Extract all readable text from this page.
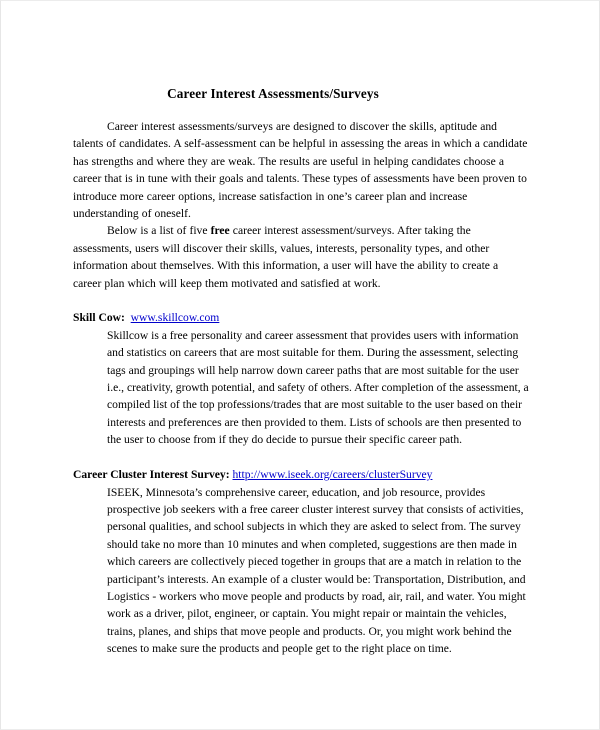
Career Interest Assessments/Surveys

Career interest assessments/surveys are designed to discover the skills, aptitude and talents of candidates. A self-assessment can be helpful in assessing the areas in which a candidate has strengths and where they are weak. The results are useful in helping candidates choose a career that is in tune with their goals and talents. These types of assessments have been proven to introduce more career options, increase satisfaction in one’s career plan and increase understanding of oneself.

Below is a list of five free career interest assessment/surveys. After taking the assessments, users will discover their skills, values, interests, personality types, and other information about themselves. With this information, a user will have the ability to create a career plan which will keep them motivated and satisfied at work.

Skill Cow: www.skillcow.com

Skillcow is a free personality and career assessment that provides users with information and statistics on careers that are most suitable for them. During the assessment, selecting tags and groupings will help narrow down career paths that are most suitable for the user i.e., creativity, growth potential, and safety of others. After completion of the assessment, a compiled list of the top professions/trades that are most suitable to the user based on their interests and preferences are then provided to them. Lists of schools are then presented to the user to choose from if they do decide to pursue their specific career path.

Career Cluster Interest Survey: http://www.iseek.org/careers/clusterSurvey

ISEEK, Minnesota’s comprehensive career, education, and job resource, provides prospective job seekers with a free career cluster interest survey that consists of activities, personal qualities, and school subjects in which they are asked to select from. The survey should take no more than 10 minutes and when completed, suggestions are then made in which careers are collectively pieced together in groups that are a match in relation to the participant’s interests. An example of a cluster would be: Transportation, Distribution, and Logistics - workers who move people and products by road, air, rail, and water. You might work as a driver, pilot, engineer, or captain. You might repair or maintain the vehicles, trains, planes, and ships that move people and products. Or, you might work behind the scenes to make sure the products and people get to the right place on time.
